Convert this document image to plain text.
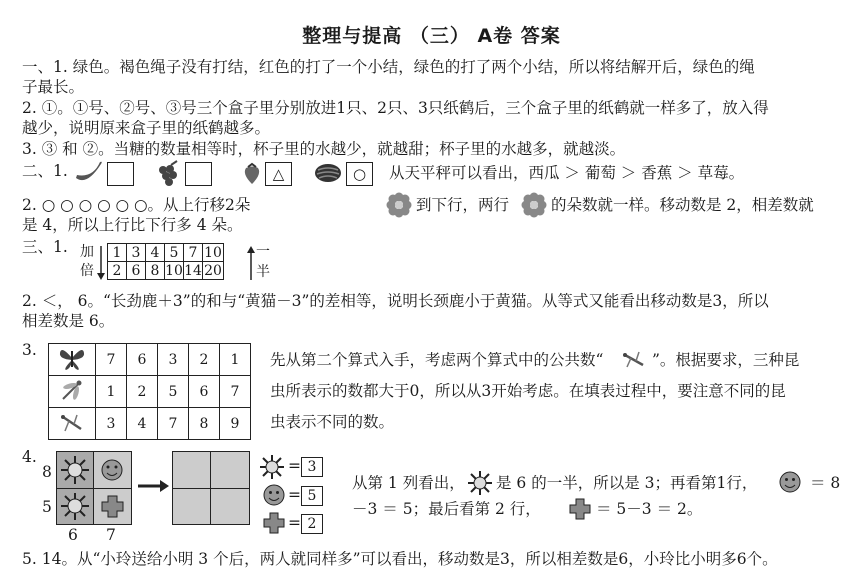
整理与提高 （三） A卷 答案
一、1. 绿色。褐色绳子没有打结，红色的打了一个小结，绿色的打了两个小结，所以将结解开后，绿色的绳
子最长。
2. ①。①号、②号、③号三个盒子里分别放进1只、2只、3只纸鹤后，三个盒子里的纸鹤就一样多了，放入得
越少，说明原来盒子里的纸鹤越多。
3. ③ 和 ②。当糖的数量相等时，杯子里的水越少，就越甜；杯子里的水越多，就越淡。
二、1.	△	○	从天平秤可以看出，西瓜 ＞ 葡萄 ＞ 香蕉 ＞ 草莓。
2. ○ ○ ○ ○ ○ ○。从上行移2朵	到下行，两行	的朵数就一样。移动数是 2，相差数就
是 4，所以上行比下行多 4 朵。
三、1. 加
倍
1	3	4	5	7	10
2	6	8	10	14	20
一半
2. ＜， 6。“长劲鹿＋3”的和与“黄猫－3”的差相等，说明长颈鹿小于黄猫。从等式又能看出移动数是3，所以
相差数是 6。
3.
	7	6	3	2	1
	1	2	5	6	7
	3	4	7	8	9
先从第二个算式入手，考虑两个算式中的公共数“	”。根据要求，三种昆
虫所表示的数都大于0，所以从3开始考虑。在填表过程中，要注意不同的昆
虫表示不同的数。
4.
8
5
6 7
= 3
= 5
= 2
从第 1 列看出， 是 6 的一半，所以是 3；再看第1行，	＝ 8
－3 ＝ 5；最后看第 2 行，	＝ 5－3 ＝ 2。
5. 14。从“小玲送给小明 3 个后，两人就同样多”可以看出，移动数是3，所以相差数是6，小玲比小明多6个。
